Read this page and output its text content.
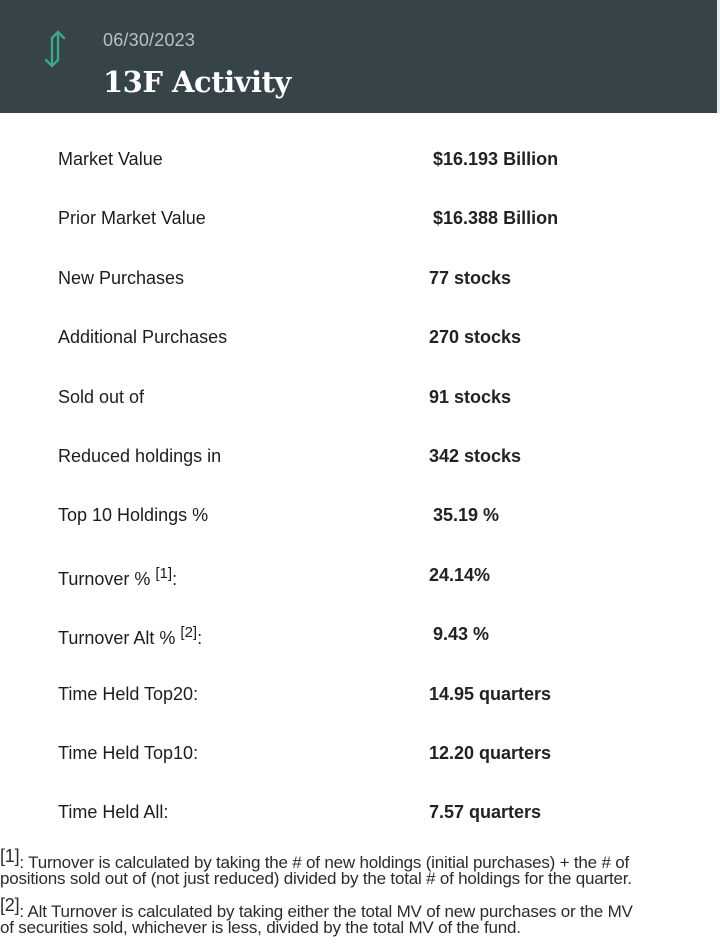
06/30/2023
13F Activity
Market Value	$16.193 Billion
Prior Market Value	$16.388 Billion
New Purchases	77 stocks
Additional Purchases	270 stocks
Sold out of	91 stocks
Reduced holdings in	342 stocks
Top 10 Holdings %	35.19 %
Turnover % [1]:	24.14%
Turnover Alt % [2]:	9.43 %
Time Held Top20:	14.95 quarters
Time Held Top10:	12.20 quarters
Time Held All:	7.57 quarters
[1]: Turnover is calculated by taking the # of new holdings (initial purchases) + the # of
positions sold out of (not just reduced) divided by the total # of holdings for the quarter.
[2]: Alt Turnover is calculated by taking either the total MV of new purchases or the MV
of securities sold, whichever is less, divided by the total MV of the fund.
